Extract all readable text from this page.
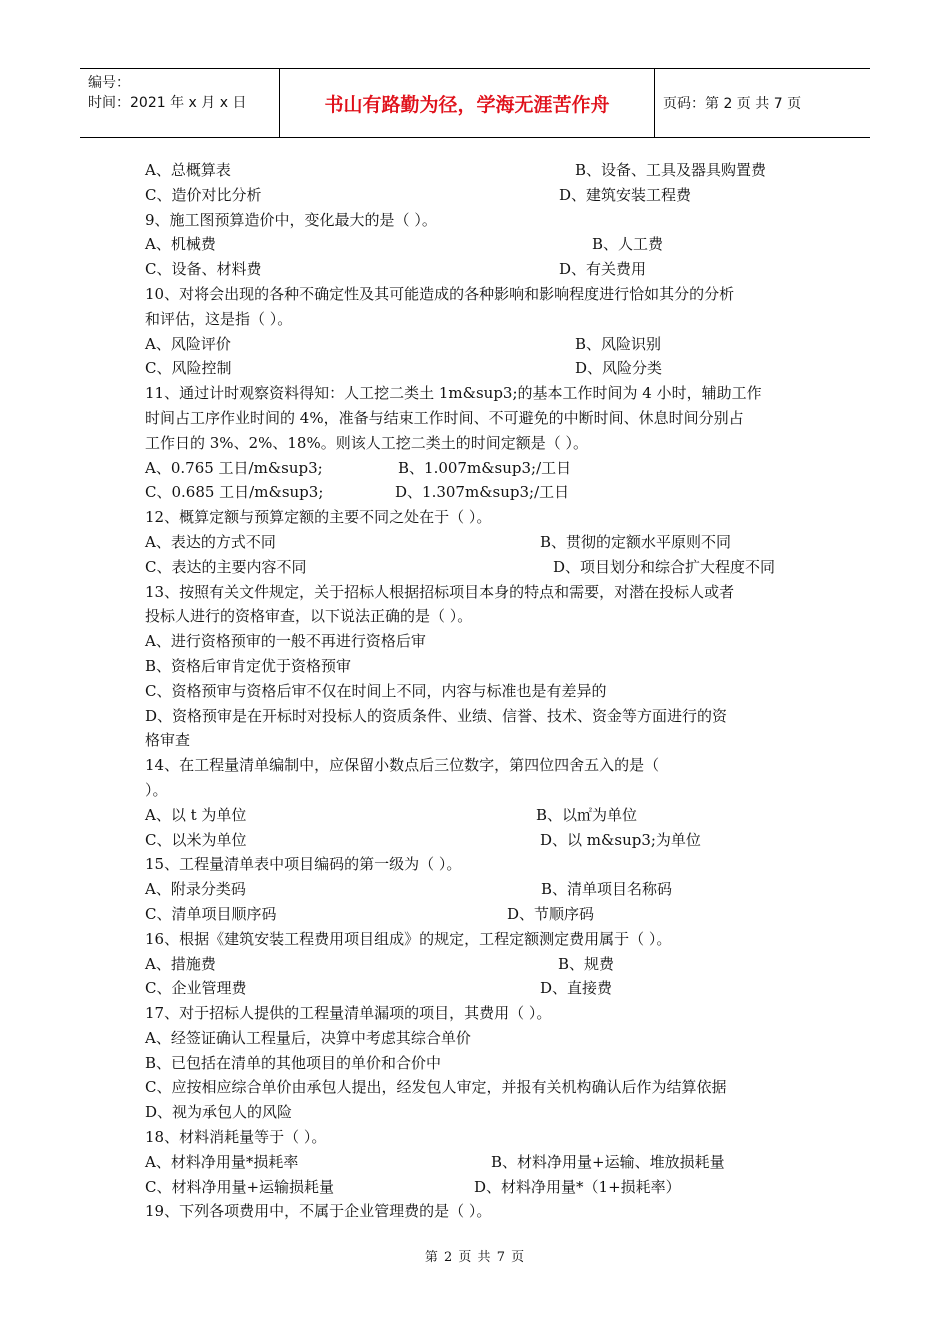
编号：
时间：2021 年 x 月 x 日	书山有路勤为径，学海无涯苦作舟	页码：第 2 页 共 7 页
A、总概算表	B、设备、工具及器具购置费
C、造价对比分析	D、建筑安装工程费
9、施工图预算造价中，变化最大的是（ ）。
A、机械费	B、人工费
C、设备、材料费	D、有关费用
10、对将会出现的各种不确定性及其可能造成的各种影响和影响程度进行恰如其分的分析
和评估，这是指（ ）。
A、风险评价	B、风险识别
C、风险控制	D、风险分类
11、通过计时观察资料得知：人工挖二类土 1m&sup3;的基本工作时间为 4 小时，辅助工作
时间占工序作业时间的 4%，准备与结束工作时间、不可避免的中断时间、休息时间分别占
工作日的 3%、2%、18%。则该人工挖二类土的时间定额是（ ）。
A、0.765 工日/m&sup3;	B、1.007m&sup3;/工日
C、0.685 工日/m&sup3;	D、1.307m&sup3;/工日
12、概算定额与预算定额的主要不同之处在于（ ）。
A、表达的方式不同	B、贯彻的定额水平原则不同
C、表达的主要内容不同	D、项目划分和综合扩大程度不同
13、按照有关文件规定，关于招标人根据招标项目本身的特点和需要，对潜在投标人或者
投标人进行的资格审查，以下说法正确的是（ ）。
A、进行资格预审的一般不再进行资格后审
B、资格后审肯定优于资格预审
C、资格预审与资格后审不仅在时间上不同，内容与标准也是有差异的
D、资格预审是在开标时对投标人的资质条件、业绩、信誉、技术、资金等方面进行的资
格审查
14、在工程量清单编制中，应保留小数点后三位数字，第四位四舍五入的是（
）。
A、以 t 为单位	B、以㎡为单位
C、以米为单位	D、以 m&sup3;为单位
15、工程量清单表中项目编码的第一级为（ ）。
A、附录分类码	B、清单项目名称码
C、清单项目顺序码	D、节顺序码
16、根据《建筑安装工程费用项目组成》的规定，工程定额测定费用属于（ ）。
A、措施费	B、规费
C、企业管理费	D、直接费
17、对于招标人提供的工程量清单漏项的项目，其费用（ ）。
A、经签证确认工程量后，决算中考虑其综合单价
B、已包括在清单的其他项目的单价和合价中
C、应按相应综合单价由承包人提出，经发包人审定，并报有关机构确认后作为结算依据
D、视为承包人的风险
18、材料消耗量等于（ ）。
A、材料净用量*损耗率	B、材料净用量+运输、堆放损耗量
C、材料净用量+运输损耗量	D、材料净用量*（1+损耗率）
19、下列各项费用中，不属于企业管理费的是（ ）。
第 2 页 共 7 页
